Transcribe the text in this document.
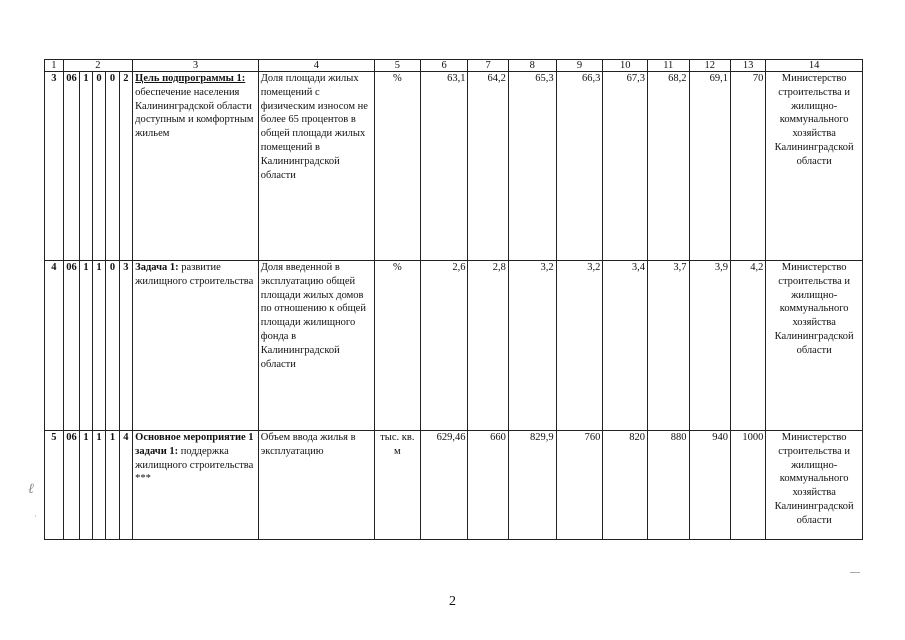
1	2					3	4	5	6	7	8	9	10	11	12	13	14
3	06	1	0	0	2	Цель подпрограммы 1: обеспечение населения Калининградской области доступным и комфортным жильем	Доля площади жилых помещений с физическим износом не более 65 процентов в общей площади жилых помещений в Калининградской области	%	63,1	64,2	65,3	66,3	67,3	68,2	69,1	70	Министерство строительства и жилищно-коммунального хозяйства Калининградской области
4	06	1	1	0	3	Задача 1: развитие жилищного строительства	Доля введенной в эксплуатацию общей площади жилых домов по отношению к общей площади жилищного фонда в Калининградской области	%	2,6	2,8	3,2	3,2	3,4	3,7	3,9	4,2	Министерство строительства и жилищно-коммунального хозяйства Калининградской области
5	06	1	1	1	4	Основное мероприятие 1 задачи 1: поддержка жилищного строительства ***	Объем ввода жилья в эксплуатацию	тыс. кв. м	629,46	660	829,9	760	820	880	940	1000	Министерство строительства и жилищно-коммунального хозяйства Калининградской области
ℓ
·
2
